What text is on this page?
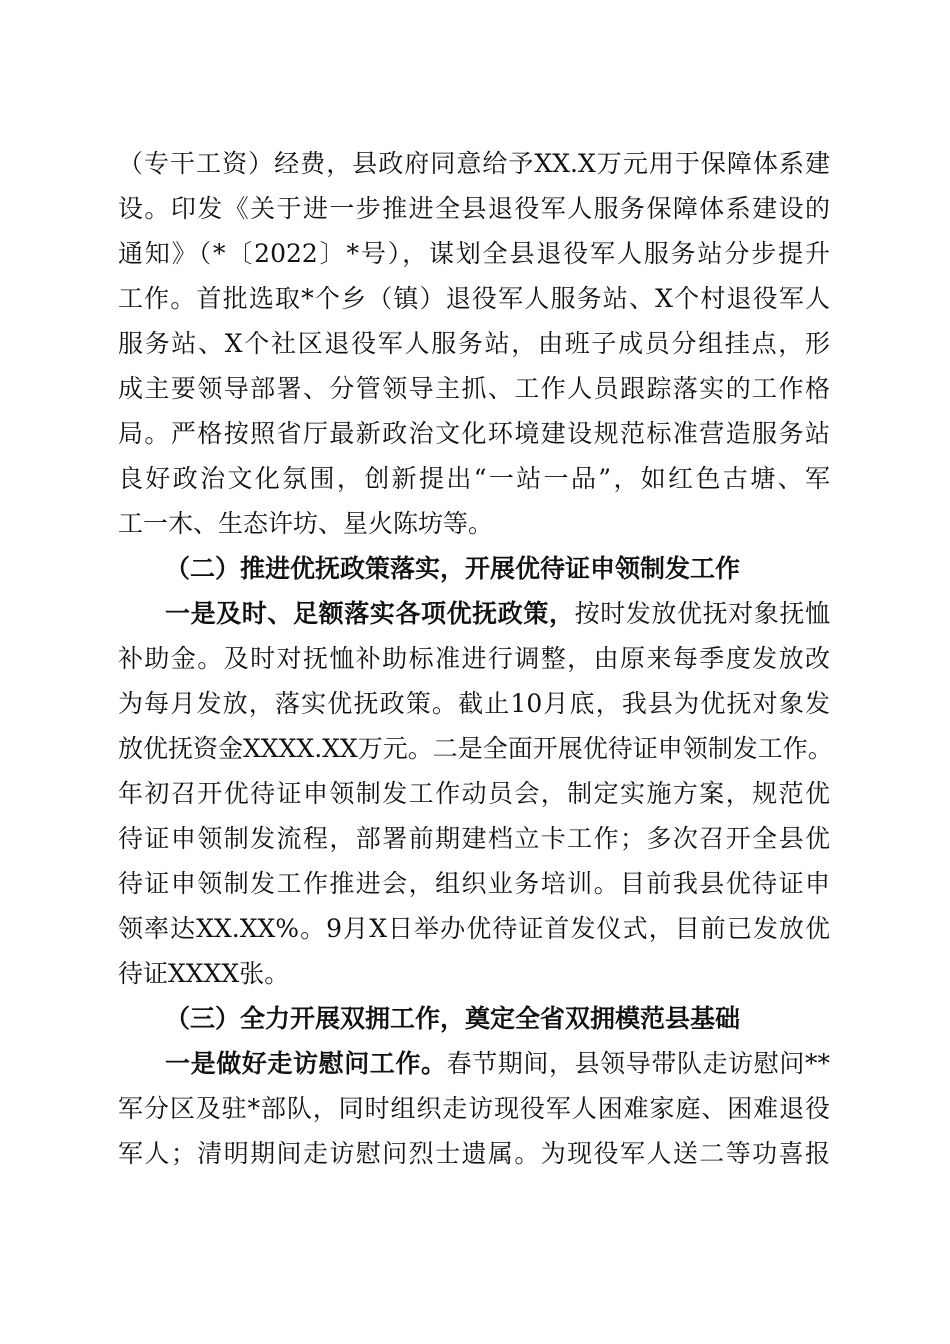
（专干工资）经费，县政府同意给予XX.X万元用于保障体系建
设。印发《关于进一步推进全县退役军人服务保障体系建设的
通知》（*〔2022〕*号），谋划全县退役军人服务站分步提升
工作。首批选取*个乡（镇）退役军人服务站、X个村退役军人
服务站、X个社区退役军人服务站，由班子成员分组挂点，形
成主要领导部署、分管领导主抓、工作人员跟踪落实的工作格
局。严格按照省厅最新政治文化环境建设规范标准营造服务站
良好政治文化氛围，创新提出“一站一品”，如红色古塘、军
工一木、生态许坊、星火陈坊等。
（二）推进优抚政策落实，开展优待证申领制发工作
一是及时、足额落实各项优抚政策，按时发放优抚对象抚恤
补助金。及时对抚恤补助标准进行调整，由原来每季度发放改
为每月发放，落实优抚政策。截止10月底，我县为优抚对象发
放优抚资金XXXX.XX万元。二是全面开展优待证申领制发工作。
年初召开优待证申领制发工作动员会，制定实施方案，规范优
待证申领制发流程，部署前期建档立卡工作；多次召开全县优
待证申领制发工作推进会，组织业务培训。目前我县优待证申
领率达XX.XX%。9月X日举办优待证首发仪式，目前已发放优
待证XXXX张。
（三）全力开展双拥工作，奠定全省双拥模范县基础
一是做好走访慰问工作。春节期间，县领导带队走访慰问**
军分区及驻*部队，同时组织走访现役军人困难家庭、困难退役
军人；清明期间走访慰问烈士遗属。为现役军人送二等功喜报
